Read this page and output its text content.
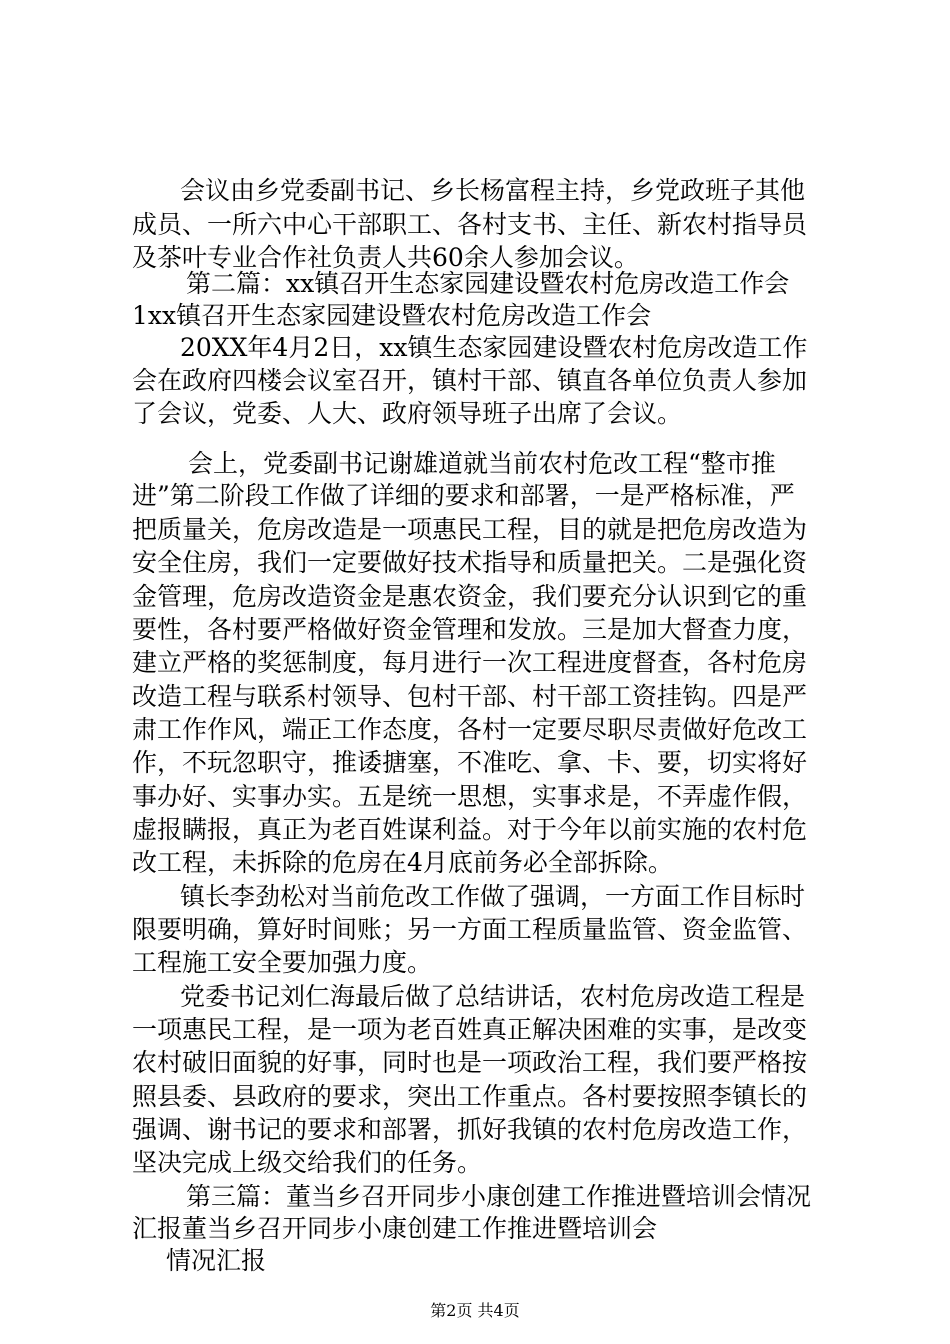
会议由乡党委副书记、乡长杨富程主持，乡党政班子其他
成员、一所六中心干部职工、各村支书、主任、新农村指导员
及茶叶专业合作社负责人共60余人参加会议。
第二篇：xx镇召开生态家园建设暨农村危房改造工作会
1xx镇召开生态家园建设暨农村危房改造工作会
20XX年4月2日，xx镇生态家园建设暨农村危房改造工作
会在政府四楼会议室召开，镇村干部、镇直各单位负责人参加
了会议，党委、人大、政府领导班子出席了会议。
会上，党委副书记谢雄道就当前农村危改工程“整市推
进”第二阶段工作做了详细的要求和部署，一是严格标准，严
把质量关，危房改造是一项惠民工程，目的就是把危房改造为
安全住房，我们一定要做好技术指导和质量把关。二是强化资
金管理，危房改造资金是惠农资金，我们要充分认识到它的重
要性，各村要严格做好资金管理和发放。三是加大督查力度，
建立严格的奖惩制度，每月进行一次工程进度督查，各村危房
改造工程与联系村领导、包村干部、村干部工资挂钩。四是严
肃工作作风，端正工作态度，各村一定要尽职尽责做好危改工
作，不玩忽职守，推诿搪塞，不准吃、拿、卡、要，切实将好
事办好、实事办实。五是统一思想，实事求是，不弄虚作假，
虚报瞒报，真正为老百姓谋利益。对于今年以前实施的农村危
改工程，未拆除的危房在4月底前务必全部拆除。
镇长李劲松对当前危改工作做了强调，一方面工作目标时
限要明确，算好时间账；另一方面工程质量监管、资金监管、
工程施工安全要加强力度。
党委书记刘仁海最后做了总结讲话，农村危房改造工程是
一项惠民工程，是一项为老百姓真正解决困难的实事，是改变
农村破旧面貌的好事，同时也是一项政治工程，我们要严格按
照县委、县政府的要求，突出工作重点。各村要按照李镇长的
强调、谢书记的要求和部署，抓好我镇的农村危房改造工作，
坚决完成上级交给我们的任务。
第三篇：董当乡召开同步小康创建工作推进暨培训会情况
汇报董当乡召开同步小康创建工作推进暨培训会
情况汇报
第2页 共4页
